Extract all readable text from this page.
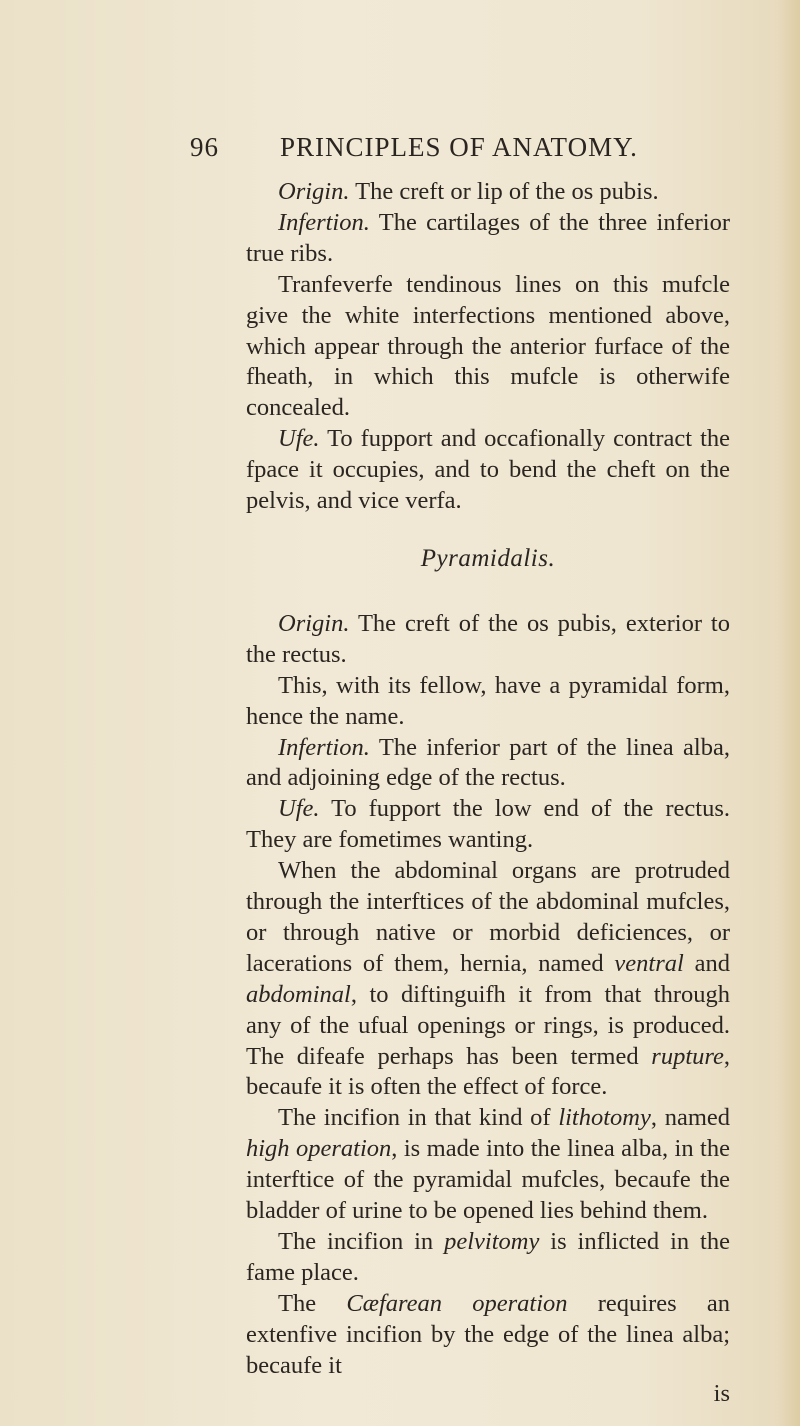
96 PRINCIPLES OF ANATOMY.

Origin. The creft or lip of the os pubis.

Infertion. The cartilages of the three inferior true ribs.

Tranfeverfe tendinous lines on this mufcle give the white interfections mentioned above, which appear through the anterior furface of the fheath, in which this mufcle is otherwife concealed.

Ufe. To fupport and occafionally contract the fpace it occupies, and to bend the cheft on the pelvis, and vice verfa.

Pyramidalis.

Origin. The creft of the os pubis, exterior to the rectus.

This, with its fellow, have a pyramidal form, hence the name.

Infertion. The inferior part of the linea alba, and adjoining edge of the rectus.

Ufe. To fupport the low end of the rectus. They are fometimes wanting.

When the abdominal organs are protruded through the interftices of the abdominal mufcles, or through native or morbid deficiences, or lacerations of them, hernia, named ventral and abdominal, to diftinguifh it from that through any of the ufual openings or rings, is produced. The difeafe perhaps has been termed rupture, becaufe it is often the effect of force.

The incifion in that kind of lithotomy, named high operation, is made into the linea alba, in the interftice of the pyramidal mufcles, becaufe the bladder of urine to be opened lies behind them.

The incifion in pelvitomy is inflicted in the fame place.

The Cæfarean operation requires an extenfive incifion by the edge of the linea alba; becaufe it

is
